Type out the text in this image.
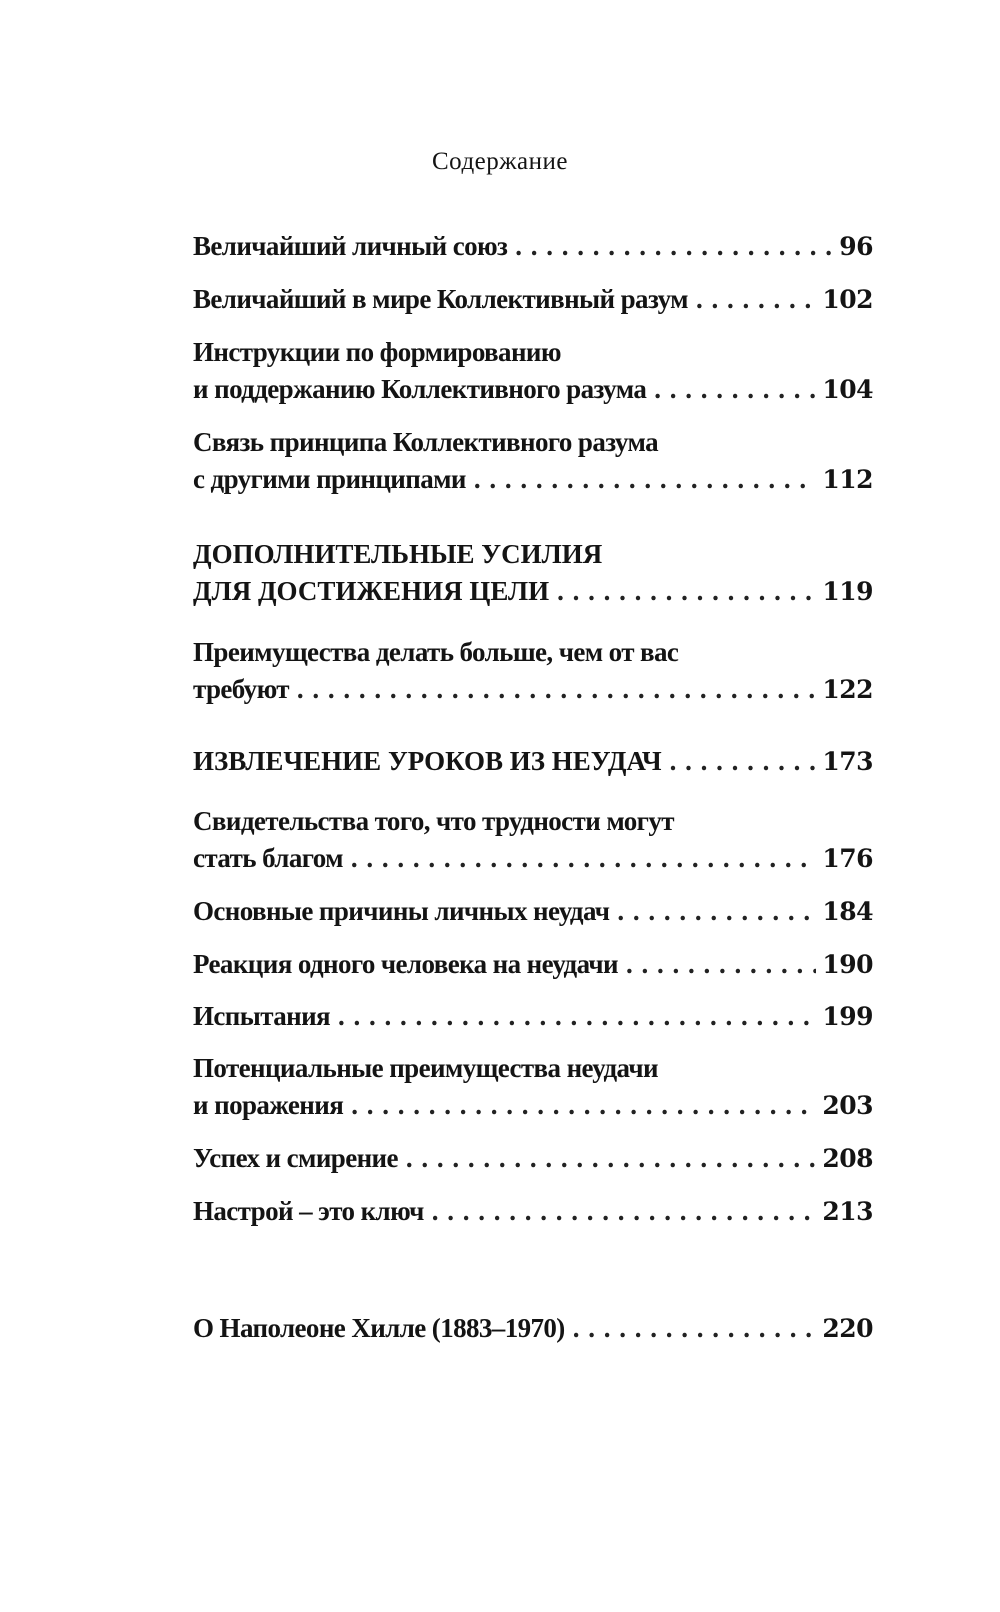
Содержание
Величайший личный союз . . .	96
Величайший в мире Коллективный разум . . .	102
Инструкции по формированию
и поддержанию Коллективного разума . . .	104
Связь принципа Коллективного разума
с другими принципами . . .	112
ДОПОЛНИТЕЛЬНЫЕ УСИЛИЯ
ДЛЯ ДОСТИЖЕНИЯ ЦЕЛИ . . .	119
Преимущества делать больше, чем от вас
требуют . . .	122
ИЗВЛЕЧЕНИЕ УРОКОВ ИЗ НЕУДАЧ . . .	173
Свидетельства того, что трудности могут
стать благом . . .	176
Основные причины личных неудач . . .	184
Реакция одного человека на неудачи . . .	190
Испытания . . .	199
Потенциальные преимущества неудачи
и поражения . . .	203
Успех и смирение . . .	208
Настрой – это ключ . . .	213
О Наполеоне Хилле (1883–1970) . . .	220
